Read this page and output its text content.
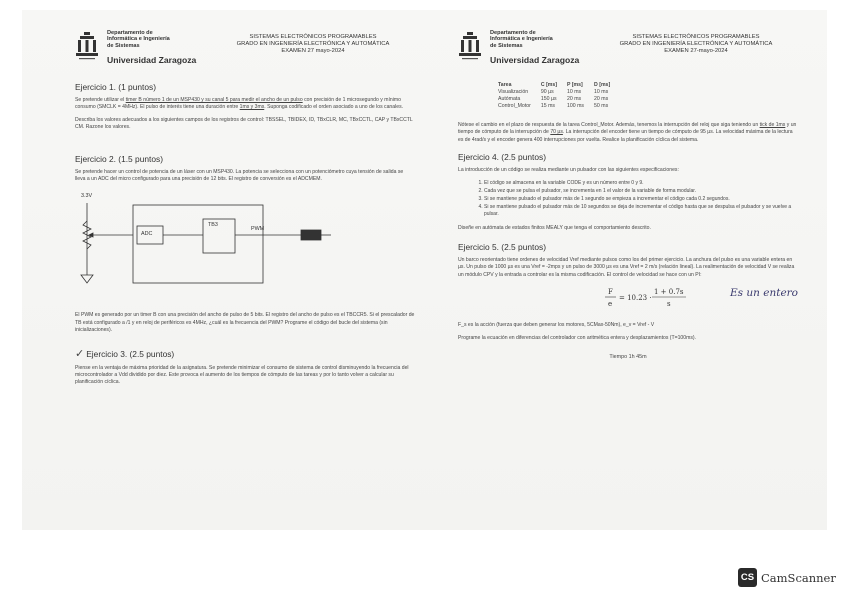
Departamento de
Informática e Ingeniería
de Sistemas
Universidad Zaragoza
SISTEMAS ELECTRÓNICOS PROGRAMABLES
GRADO EN INGENIERÍA ELECTRÓNICA Y AUTOMÁTICA
EXAMEN 27 mayo-2024
Ejercicio 1. (1 puntos)

Se pretende utilizar el timer B número 1 de un MSP430 y su canal 5 para medir el ancho de un pulso con precisión de 1 microsegundo y mínimo consumo (SMCLK = 4MHz). El pulso de interés tiene una duración entre 1ms y 3ms. Suponga codificado el orden asociado a uno de los canales.

Describa los valores adecuados a los siguientes campos de los registros de control: TBSSEL, TBIDEX, ID, TBxCLR, MC, TBxCCTL, CAP y TBxCCTL CM. Razone los valores.

Ejercicio 2. (1.5 puntos)

Se pretende hacer un control de potencia de un láser con un MSP430. La potencia se selecciona con un potenciómetro cuya tensión de salida se lleva a un ADC del micro configurado para una precisión de 12 bits. El registro de conversión es el ADCMEM.

3.3V
ADC
TB3
PWM

El PWM es generado por un timer B con una precisión del ancho de pulso de 5 bits. El registro del ancho de pulso es el TBCCR5. Si el prescalador de TB está configurado a /1 y en reloj de periféricos es 4MHz, ¿cuál es la frecuencia del PWM? Programe el código del bucle del sistema (sin inicializaciones).

✓ Ejercicio 3. (2.5 puntos)

Piense en la ventaja de máxima prioridad de la asignatura. Se pretende minimizar el consumo de sistema de control disminuyendo la frecuencia del microcontrolador a Vdd dividido por diez. Este provoca el aumento de los tiempos de cómputo de las tareas y por lo tanto volver a calcular su planificación cíclica.

Departamento de
Informática e Ingeniería
de Sistemas
Universidad Zaragoza
SISTEMAS ELECTRÓNICOS PROGRAMABLES
GRADO EN INGENIERÍA ELECTRÓNICA Y AUTOMÁTICA
EXAMEN 27-mayo-2024
Tarea	C [ms]	P [ms]	D [ms]
Visualización	90 µs	10 ms	10 ms
Autómata	150 µs	20 ms	20 ms
Control_Motor	15 ms	100 ms	50 ms

Nótese el cambio en el plazo de respuesta de la tarea Control_Motor. Además, tenemos la interrupción del reloj que siga teniendo un tick de 1ms y un tiempo de cómputo de la interrupción de 70 µs. La interrupción del encoder tiene un tiempo de cómputo de 95 µs. La velocidad máxima de la lectura es de 4rad/s y el encoder genera 400 interrupciones por vuelta. Realice la planificación cíclica del sistema.

Ejercicio 4. (2.5 puntos)

La introducción de un código se realiza mediante un pulsador con las siguientes especificaciones:

1. El código se almacena en la variable CODE y es un número entre 0 y 9.
2. Cada vez que se pulsa el pulsador, se incrementa en 1 el valor de la variable de forma modular.
3. Si se mantiene pulsado el pulsador más de 1 segundo se empieza a incrementar el código cada 0.2 segundos.
4. Si se mantiene pulsado el pulsador más de 10 segundos se deja de incrementar el código hasta que se despulsa el pulsador y se vuelve a pulsar.

Diseñe en autómata de estados finitos MEALY que tenga el comportamiento descrito.

Ejercicio 5. (2.5 puntos)

Un barco reorientado tiene ordenes de velocidad Vref mediante pulsos como los del primer ejercicio. La anchura del pulso es una variable entera en µs. Un pulso de 1000 µs es una Vref = -2mps y un pulso de 3000 µs es una Vref = 2 m/s (relación lineal). La realimentación de velocidad V se realiza un módulo CPV y la entrada a controlar es la misma codificación. El control de velocidad se hace con un PI:

F
e
= 10.23 ·
1 + 0.7s
s
Es un entero

F_s es la acción (fuerza que deben generar los motores, 5CMax-50Nm), e_v = Vref - V

Programe la ecuación en diferencias del controlador con aritmética entera y desplazamientos (T=100ms).

Tiempo 1h 45m
CS CamScanner
